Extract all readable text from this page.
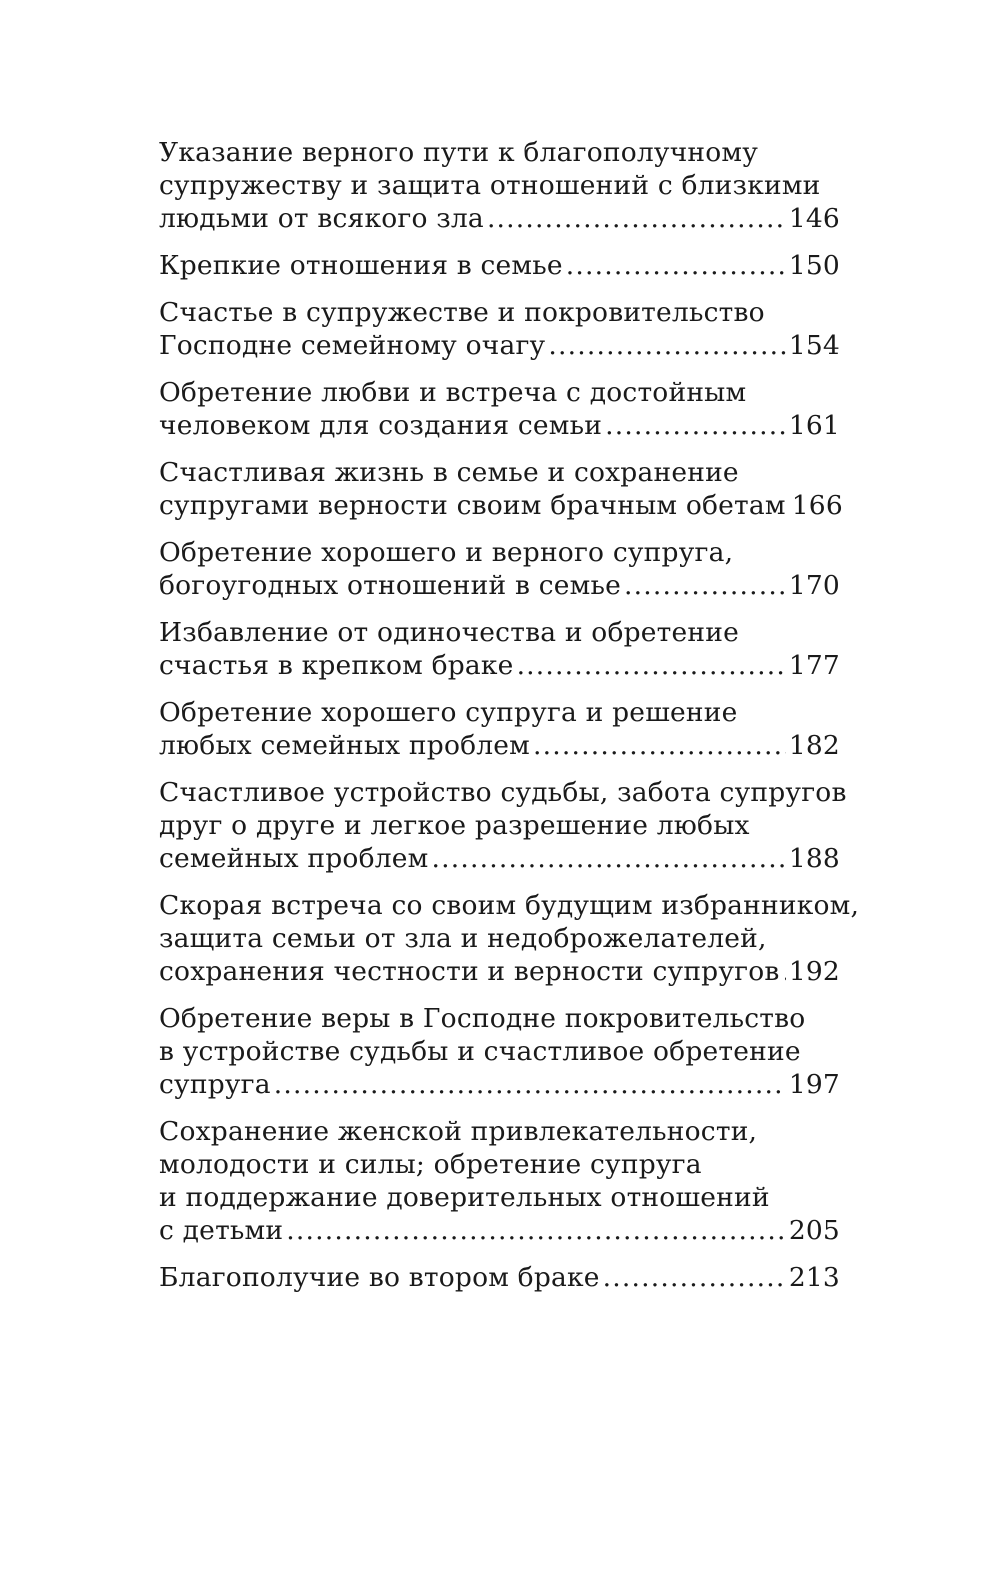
Указание верного пути к благополучному
супружеству и защита отношений с близкими
людьми от всякого зла .....	146
Крепкие отношения в семье .....	150
Счастье в супружестве и покровительство
Господне семейному очагу .....	154
Обретение любви и встреча с достойным
человеком для создания семьи .....	161
Счастливая жизнь в семье и сохранение
супругами верности своим брачным обетам 166
Обретение хорошего и верного супруга,
богоугодных отношений в семье .....	170
Избавление от одиночества и обретение
счастья в крепком браке .....	177
Обретение хорошего супруга и решение
любых семейных проблем .....	182
Счастливое устройство судьбы, забота супругов
друг о друге и легкое разрешение любых
семейных проблем .....	188
Скорая встреча со своим будущим избранником,
защита семьи от зла и недоброжелателей,
сохранения честности и верности супругов ..... 192
Обретение веры в Господне покровительство
в устройстве судьбы и счастливое обретение
супруга .....	197
Сохранение женской привлекательности,
молодости и силы; обретение супруга
и поддержание доверительных отношений
с детьми .....	205
Благополучие во втором браке .....	213
